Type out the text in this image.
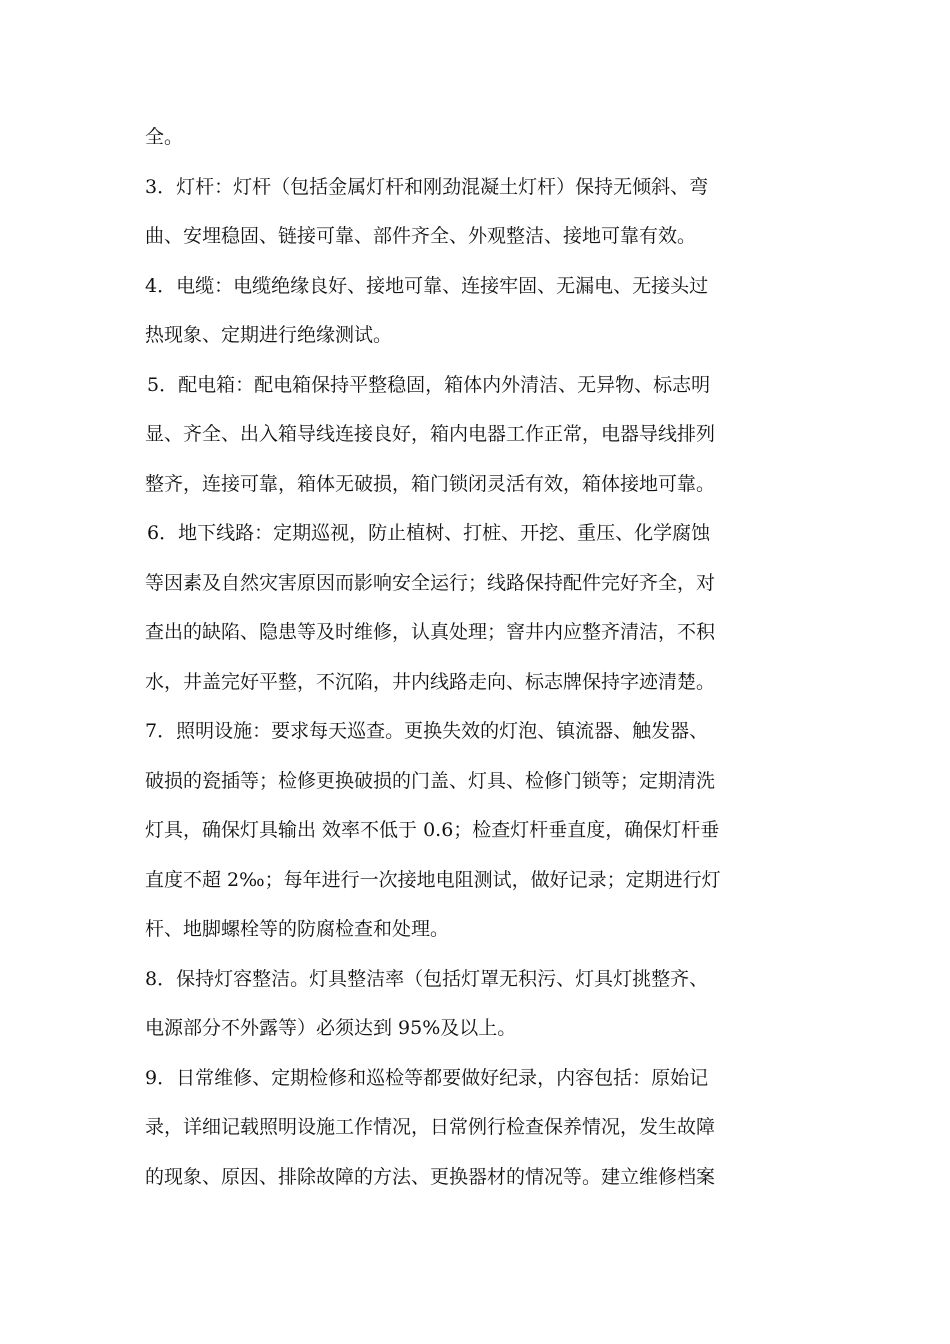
全。
3．灯杆：灯杆（包括金属灯杆和刚劲混凝土灯杆）保持无倾斜、弯
曲、安埋稳固、链接可靠、部件齐全、外观整洁、接地可靠有效。
4．电缆：电缆绝缘良好、接地可靠、连接牢固、无漏电、无接头过
热现象、定期进行绝缘测试。
5．配电箱：配电箱保持平整稳固，箱体内外清洁、无异物、标志明
显、齐全、出入箱导线连接良好，箱内电器工作正常，电器导线排列
整齐，连接可靠，箱体无破损，箱门锁闭灵活有效，箱体接地可靠。
6．地下线路：定期巡视，防止植树、打桩、开挖、重压、化学腐蚀
等因素及自然灾害原因而影响安全运行；线路保持配件完好齐全，对
查出的缺陷、隐患等及时维修，认真处理；窨井内应整齐清洁，不积
水，井盖完好平整，不沉陷，井内线路走向、标志牌保持字迹清楚。
7．照明设施：要求每天巡查。更换失效的灯泡、镇流器、触发器、
破损的瓷插等；检修更换破损的门盖、灯具、检修门锁等；定期清洗
灯具，确保灯具输出 效率不低于 0.6；检查灯杆垂直度，确保灯杆垂
直度不超 2‰；每年进行一次接地电阻测试，做好记录；定期进行灯
杆、地脚螺栓等的防腐检查和处理。
8．保持灯容整洁。灯具整洁率（包括灯罩无积污、灯具灯挑整齐、
电源部分不外露等）必须达到 95%及以上。
9．日常维修、定期检修和巡检等都要做好纪录，内容包括：原始记
录，详细记载照明设施工作情况，日常例行检查保养情况，发生故障
的现象、原因、排除故障的方法、更换器材的情况等。建立维修档案
